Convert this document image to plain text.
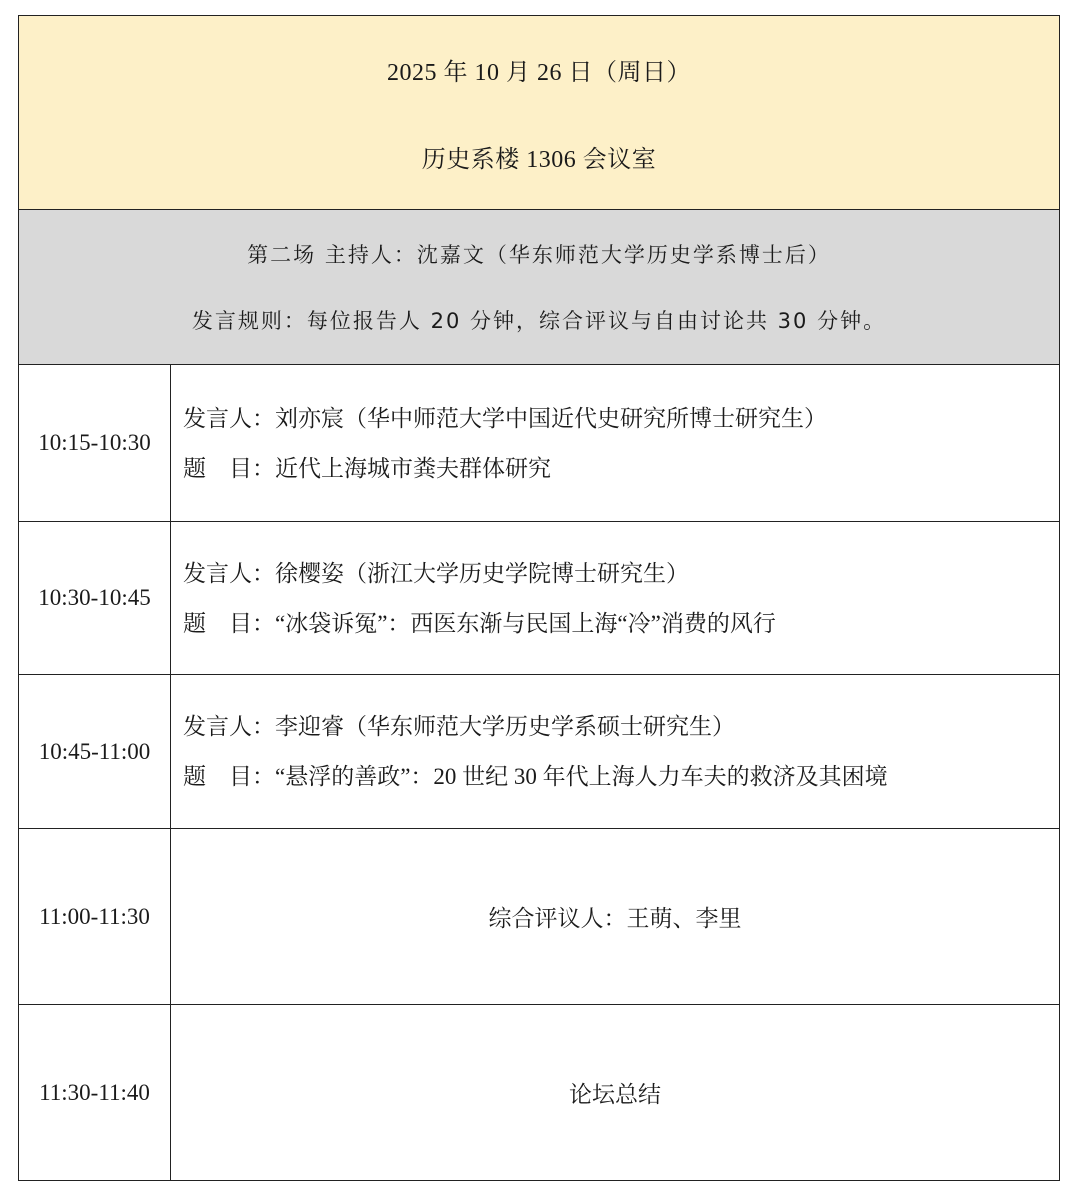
2025 年 10 月 26 日（周日）
历史系楼 1306 会议室	

第二场 主持人：沈嘉文（华东师范大学历史学系博士后）
发言规则：每位报告人 20 分钟，综合评议与自由讨论共 30 分钟。	

10:15-10:30	发言人：刘亦宸（华中师范大学中国近代史研究所博士研究生）
题　目：近代上海城市粪夫群体研究

10:30-10:45	发言人：徐樱姿（浙江大学历史学院博士研究生）
题　目：“冰袋诉冤”：西医东渐与民国上海“冷”消费的风行

10:45-11:00	发言人：李迎睿（华东师范大学历史学系硕士研究生）
题　目：“悬浮的善政”：20 世纪 30 年代上海人力车夫的救济及其困境

11:00-11:30	综合评议人：王萌、李里
11:30-11:40	论坛总结
